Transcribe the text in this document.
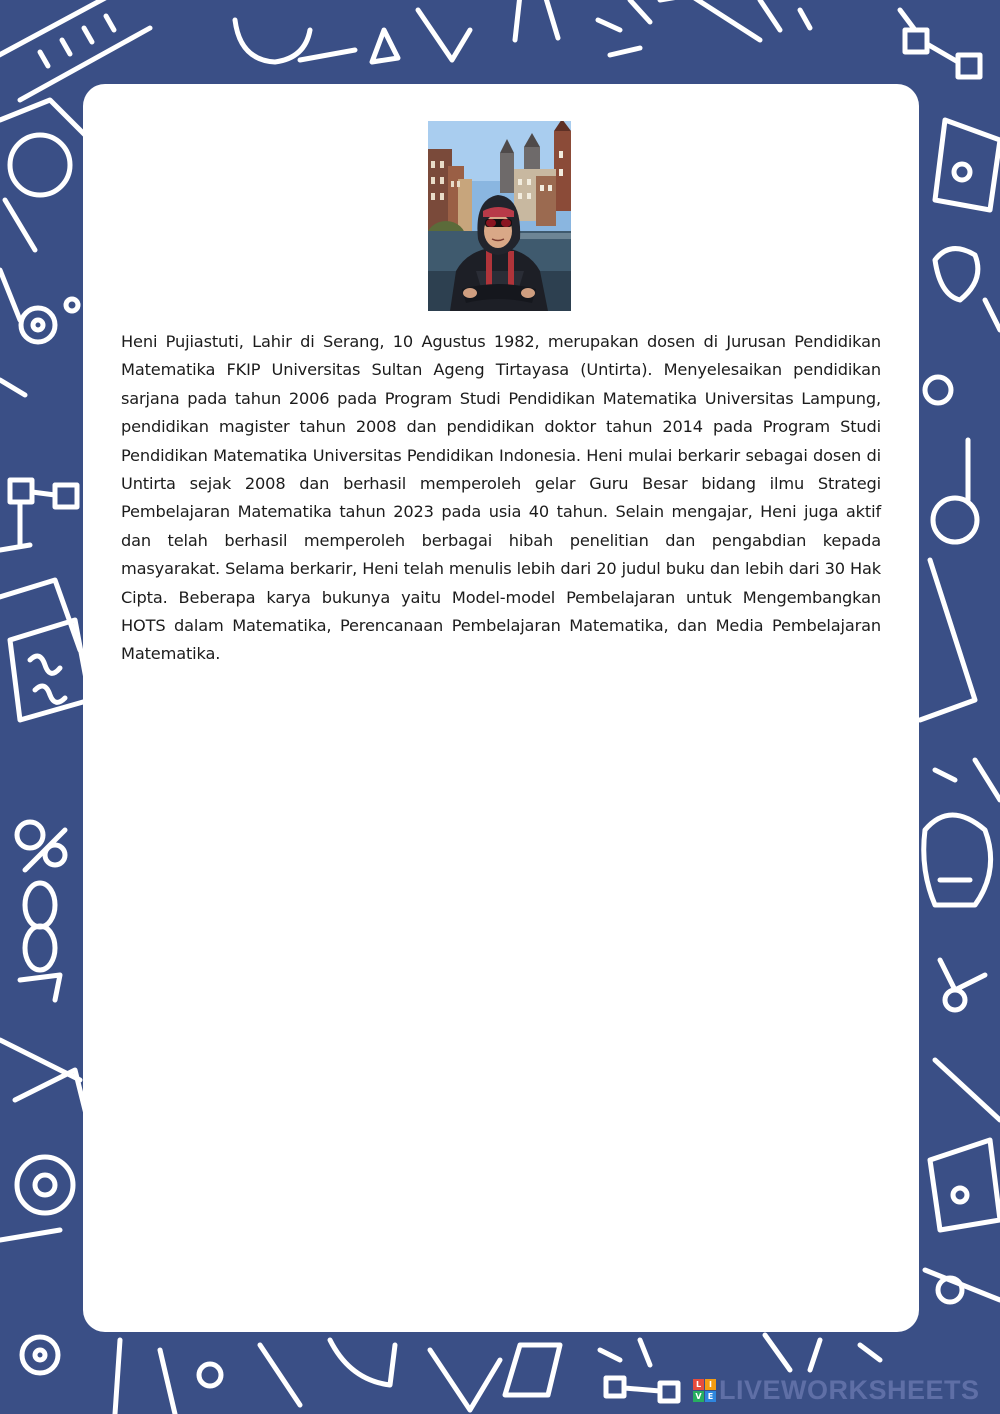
Heni Pujiastuti, Lahir di Serang, 10 Agustus 1982, merupakan dosen di Jurusan Pendidikan Matematika FKIP Universitas Sultan Ageng Tirtayasa (Untirta). Menyelesaikan pendidikan sarjana pada tahun 2006 pada Program Studi Pendidikan Matematika Universitas Lampung, pendidikan magister tahun 2008 dan pendidikan doktor tahun 2014 pada Program Studi Pendidikan Matematika Universitas Pendidikan Indonesia. Heni mulai berkarir sebagai dosen di Untirta sejak 2008 dan berhasil memperoleh gelar Guru Besar bidang ilmu Strategi Pembelajaran Matematika tahun 2023 pada usia 40 tahun. Selain mengajar, Heni juga aktif dan telah berhasil memperoleh berbagai hibah penelitian dan pengabdian kepada masyarakat. Selama berkarir, Heni telah menulis lebih dari 20 judul buku dan lebih dari 30 Hak Cipta. Beberapa karya bukunya yaitu Model-model Pembelajaran untuk Mengembangkan HOTS dalam Matematika, Perencanaan Pembelajaran Matematika, dan Media Pembelajaran Matematika.

L I
V E LIVEWORKSHEETS
